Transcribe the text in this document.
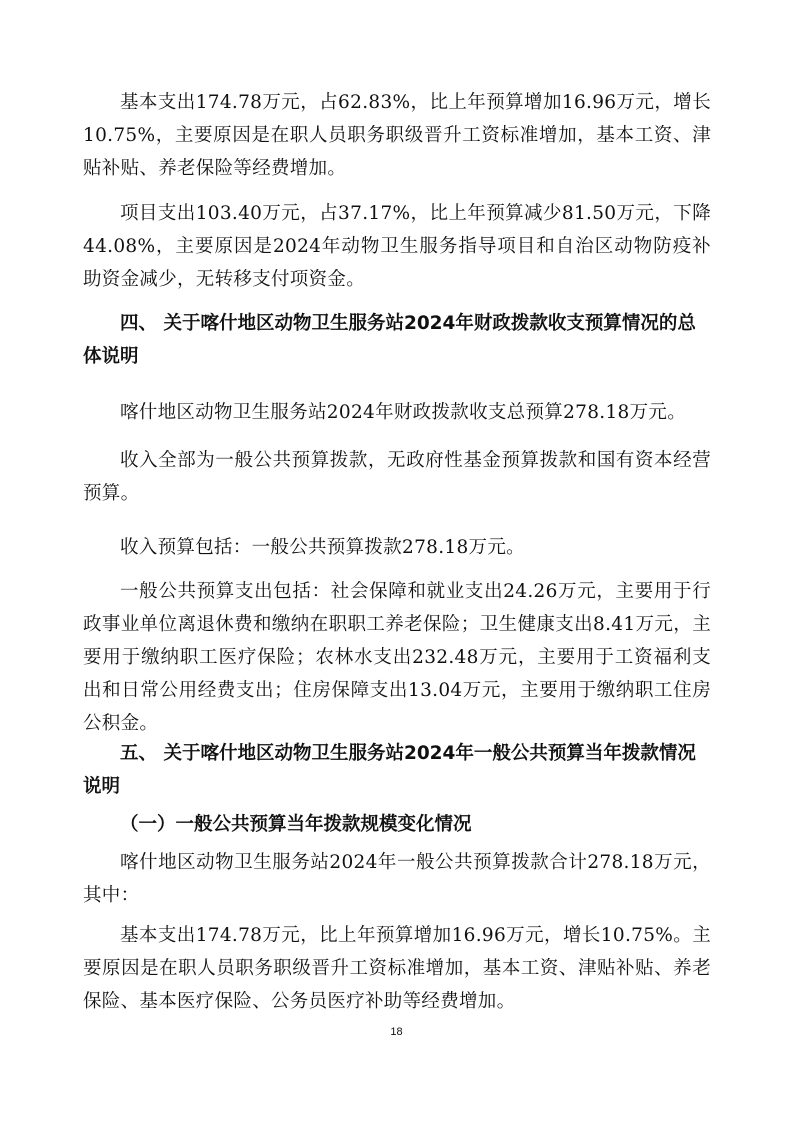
基本支出174.78万元，占62.83%，比上年预算增加16.96万元，增长10.75%，主要原因是在职人员职务职级晋升工资标准增加，基本工资、津贴补贴、养老保险等经费增加。

项目支出103.40万元，占37.17%，比上年预算减少81.50万元，下降44.08%，主要原因是2024年动物卫生服务指导项目和自治区动物防疫补助资金减少，无转移支付项资金。

四、 关于喀什地区动物卫生服务站2024年财政拨款收支预算情况的总体说明

喀什地区动物卫生服务站2024年财政拨款收支总预算278.18万元。

收入全部为一般公共预算拨款，无政府性基金预算拨款和国有资本经营预算。

收入预算包括：一般公共预算拨款278.18万元。

一般公共预算支出包括：社会保障和就业支出24.26万元，主要用于行政事业单位离退休费和缴纳在职职工养老保险；卫生健康支出8.41万元，主要用于缴纳职工医疗保险；农林水支出232.48万元，主要用于工资福利支出和日常公用经费支出；住房保障支出13.04万元，主要用于缴纳职工住房公积金。

五、 关于喀什地区动物卫生服务站2024年一般公共预算当年拨款情况说明

（一）一般公共预算当年拨款规模变化情况

喀什地区动物卫生服务站2024年一般公共预算拨款合计278.18万元，其中：

基本支出174.78万元，比上年预算增加16.96万元，增长10.75%。主要原因是在职人员职务职级晋升工资标准增加，基本工资、津贴补贴、养老保险、基本医疗保险、公务员医疗补助等经费增加。

18
